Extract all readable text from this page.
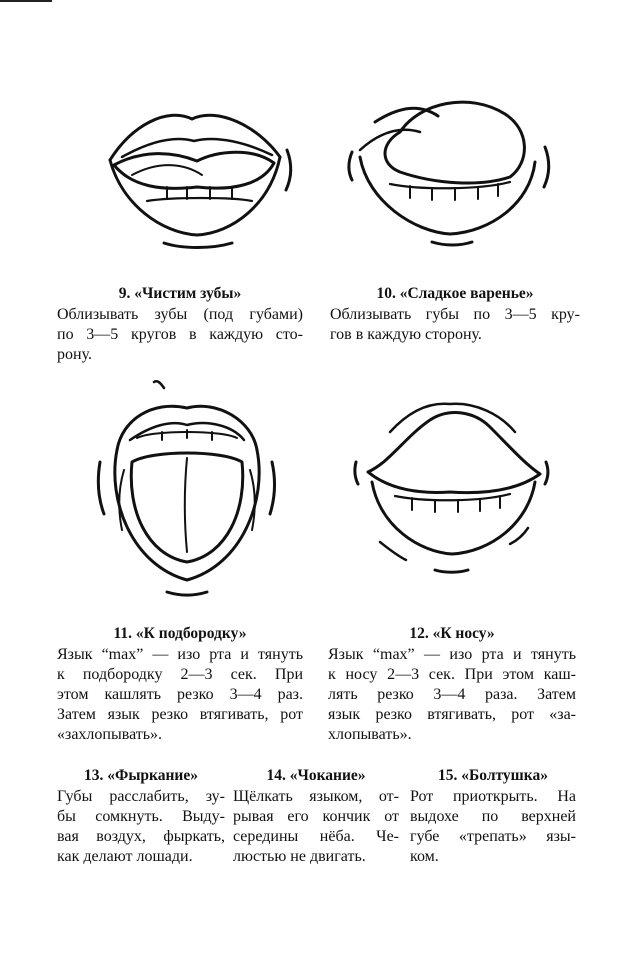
9. «Чистим зубы»

Облизывать зубы (под губами)
по 3—5 кругов в каждую сто-
рону.

10. «Сладкое варенье»

Облизывать губы по 3—5 кру-
гов в каждую сторону.

11. «К подбородку»

Язык “max” — изо рта и тянуть
к подбородку 2—3 сек. При
этом кашлять резко 3—4 раз.
Затем язык резко втягивать, рот
«захлопывать».

12. «К носу»

Язык “max” — изо рта и тянуть
к носу 2—3 сек. При этом каш-
лять резко 3—4 раза. Затем
язык резко втягивать, рот «за-
хлопывать».

13. «Фыркание»

Губы расслабить, зу-
бы сомкнуть. Выду-
вая воздух, фыркать,
как делают лошади.

14. «Чокание»

Щёлкать языком, от-
рывая его кончик от
середины нёба. Че-
люстью не двигать.

15. «Болтушка»

Рот приоткрыть. На
выдохе по верхней
губе «трепать» язы-
ком.
